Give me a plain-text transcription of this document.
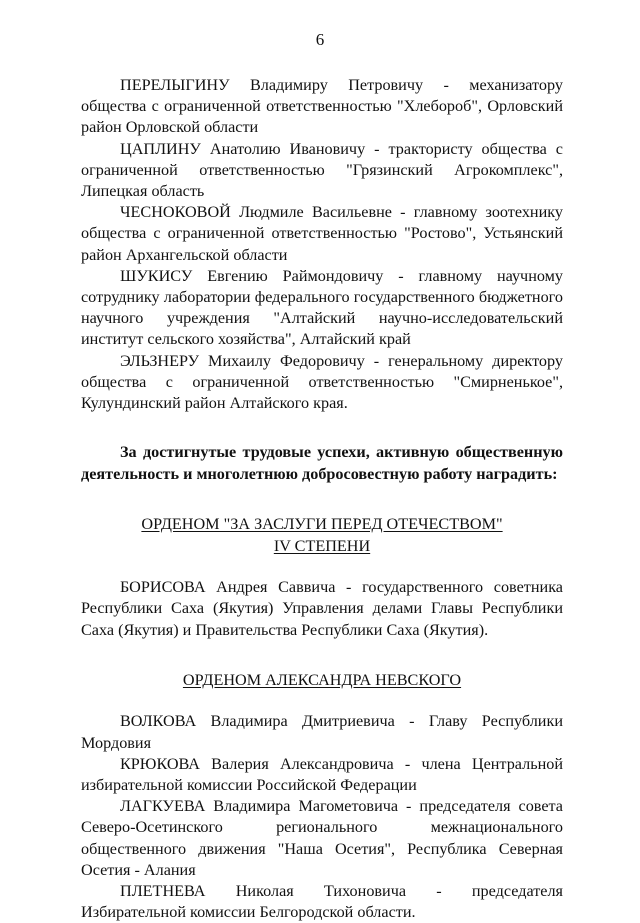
6

ПЕРЕЛЫГИНУ Владимиру Петровичу - механизатору общества с ограниченной ответственностью "Хлебороб", Орловский район Орловской области

ЦАПЛИНУ Анатолию Ивановичу - трактористу общества с ограниченной ответственностью "Грязинский Агрокомплекс", Липецкая область

ЧЕСНОКОВОЙ Людмиле Васильевне - главному зоотехнику общества с ограниченной ответственностью "Ростово", Устьянский район Архангельской области

ШУКИСУ Евгению Раймондовичу - главному научному сотруднику лаборатории федерального государственного бюджетного научного учреждения "Алтайский научно-исследовательский институт сельского хозяйства", Алтайский край

ЭЛЬЗНЕРУ Михаилу Федоровичу - генеральному директору общества с ограниченной ответственностью "Смирненькое", Кулундинский район Алтайского края.

За достигнутые трудовые успехи, активную общественную деятельность и многолетнюю добросовестную работу наградить:

ОРДЕНОМ "ЗА ЗАСЛУГИ ПЕРЕД ОТЕЧЕСТВОМ"
IV СТЕПЕНИ

БОРИСОВА Андрея Саввича - государственного советника Республики Саха (Якутия) Управления делами Главы Республики Саха (Якутия) и Правительства Республики Саха (Якутия).

ОРДЕНОМ АЛЕКСАНДРА НЕВСКОГО

ВОЛКОВА Владимира Дмитриевича - Главу Республики Мордовия

КРЮКОВА Валерия Александровича - члена Центральной избирательной комиссии Российской Федерации

ЛАГКУЕВА Владимира Магометовича - председателя совета Северо-Осетинского регионального межнационального общественного движения "Наша Осетия", Республика Северная Осетия - Алания

ПЛЕТНЕВА Николая Тихоновича - председателя Избирательной комиссии Белгородской области.
